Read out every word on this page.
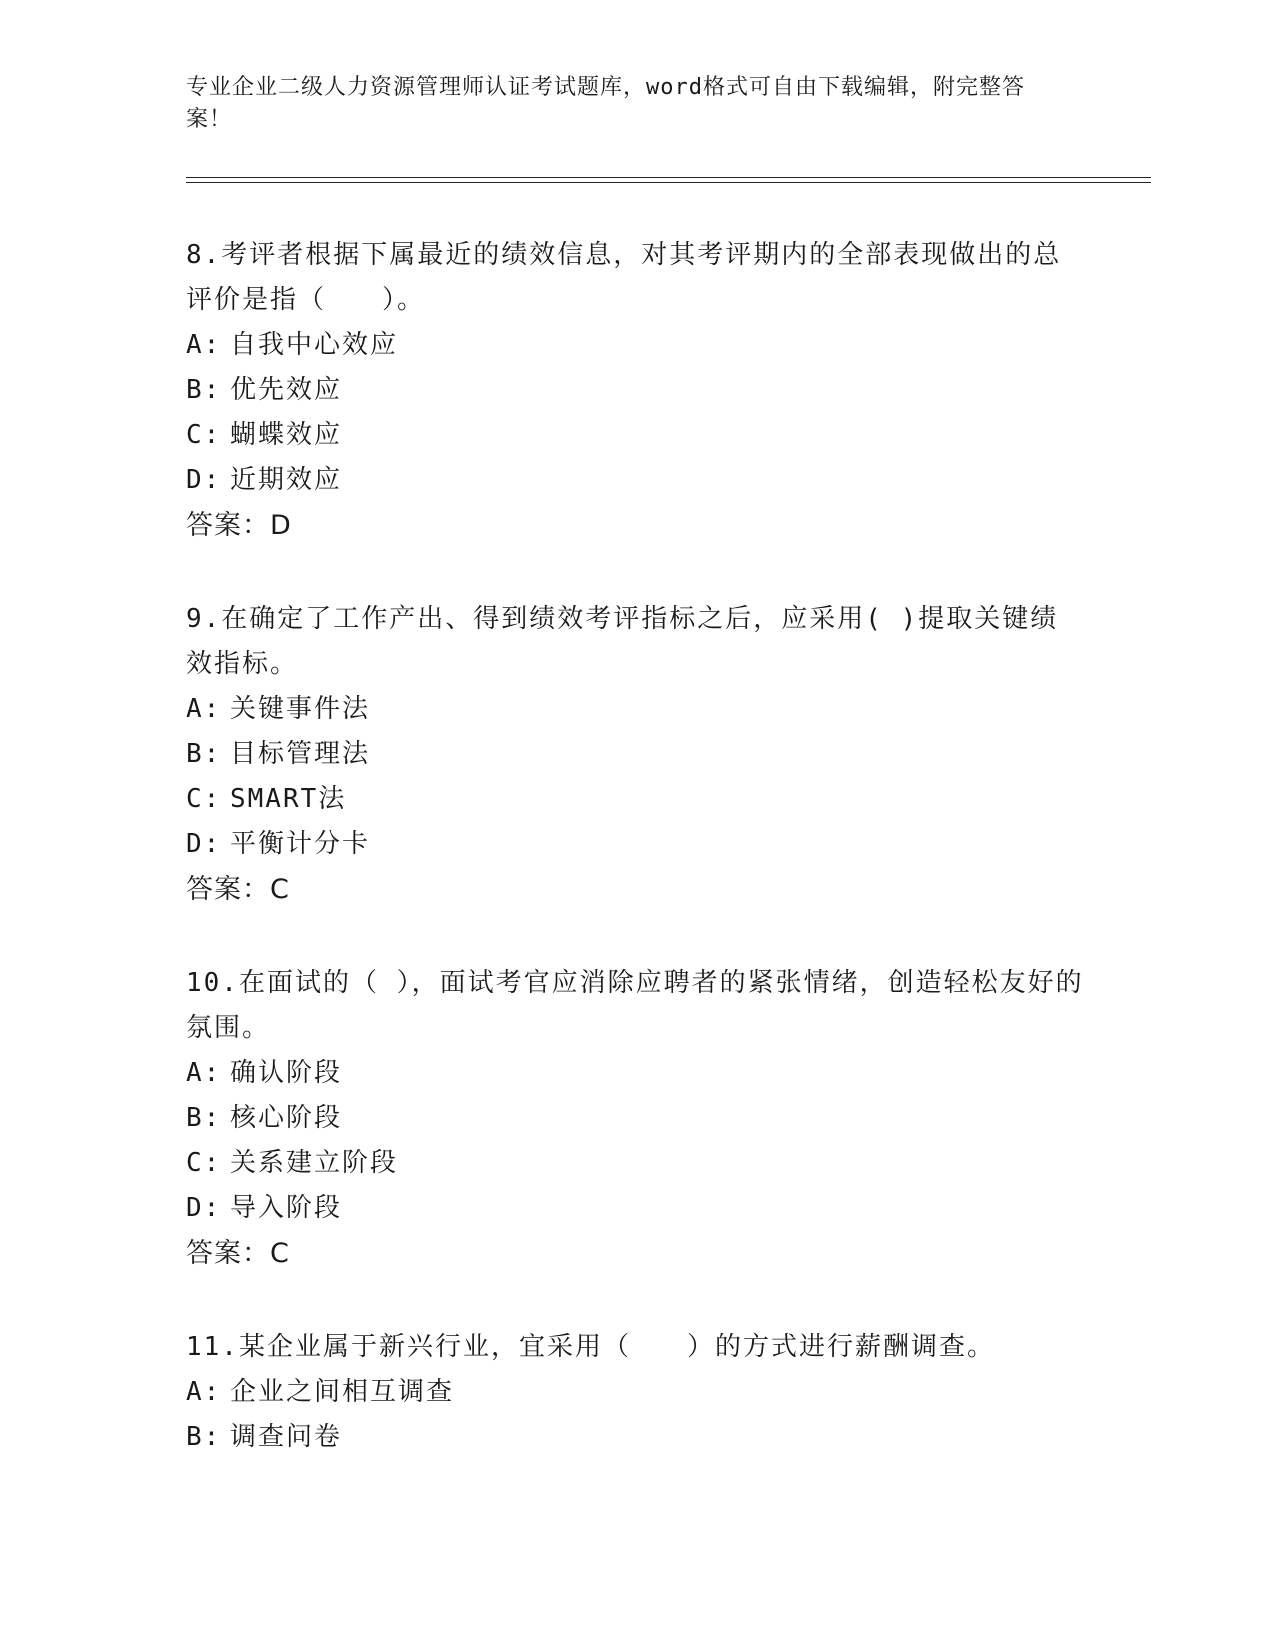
专业企业二级人力资源管理师认证考试题库，word格式可自由下载编辑，附完整答案！

8.考评者根据下属最近的绩效信息，对其考评期内的全部表现做出的总评价是指（　　）。

A: 自我中心效应

B: 优先效应

C: 蝴蝶效应

D: 近期效应

答案：D

9.在确定了工作产出、得到绩效考评指标之后，应采用( )提取关键绩效指标。

A: 关键事件法

B: 目标管理法

C: SMART法

D: 平衡计分卡

答案：C

10.在面试的（ ），面试考官应消除应聘者的紧张情绪，创造轻松友好的氛围。

A: 确认阶段

B: 核心阶段

C: 关系建立阶段

D: 导入阶段

答案：C

11.某企业属于新兴行业，宜采用（　　）的方式进行薪酬调查。

A: 企业之间相互调查

B: 调查问卷
